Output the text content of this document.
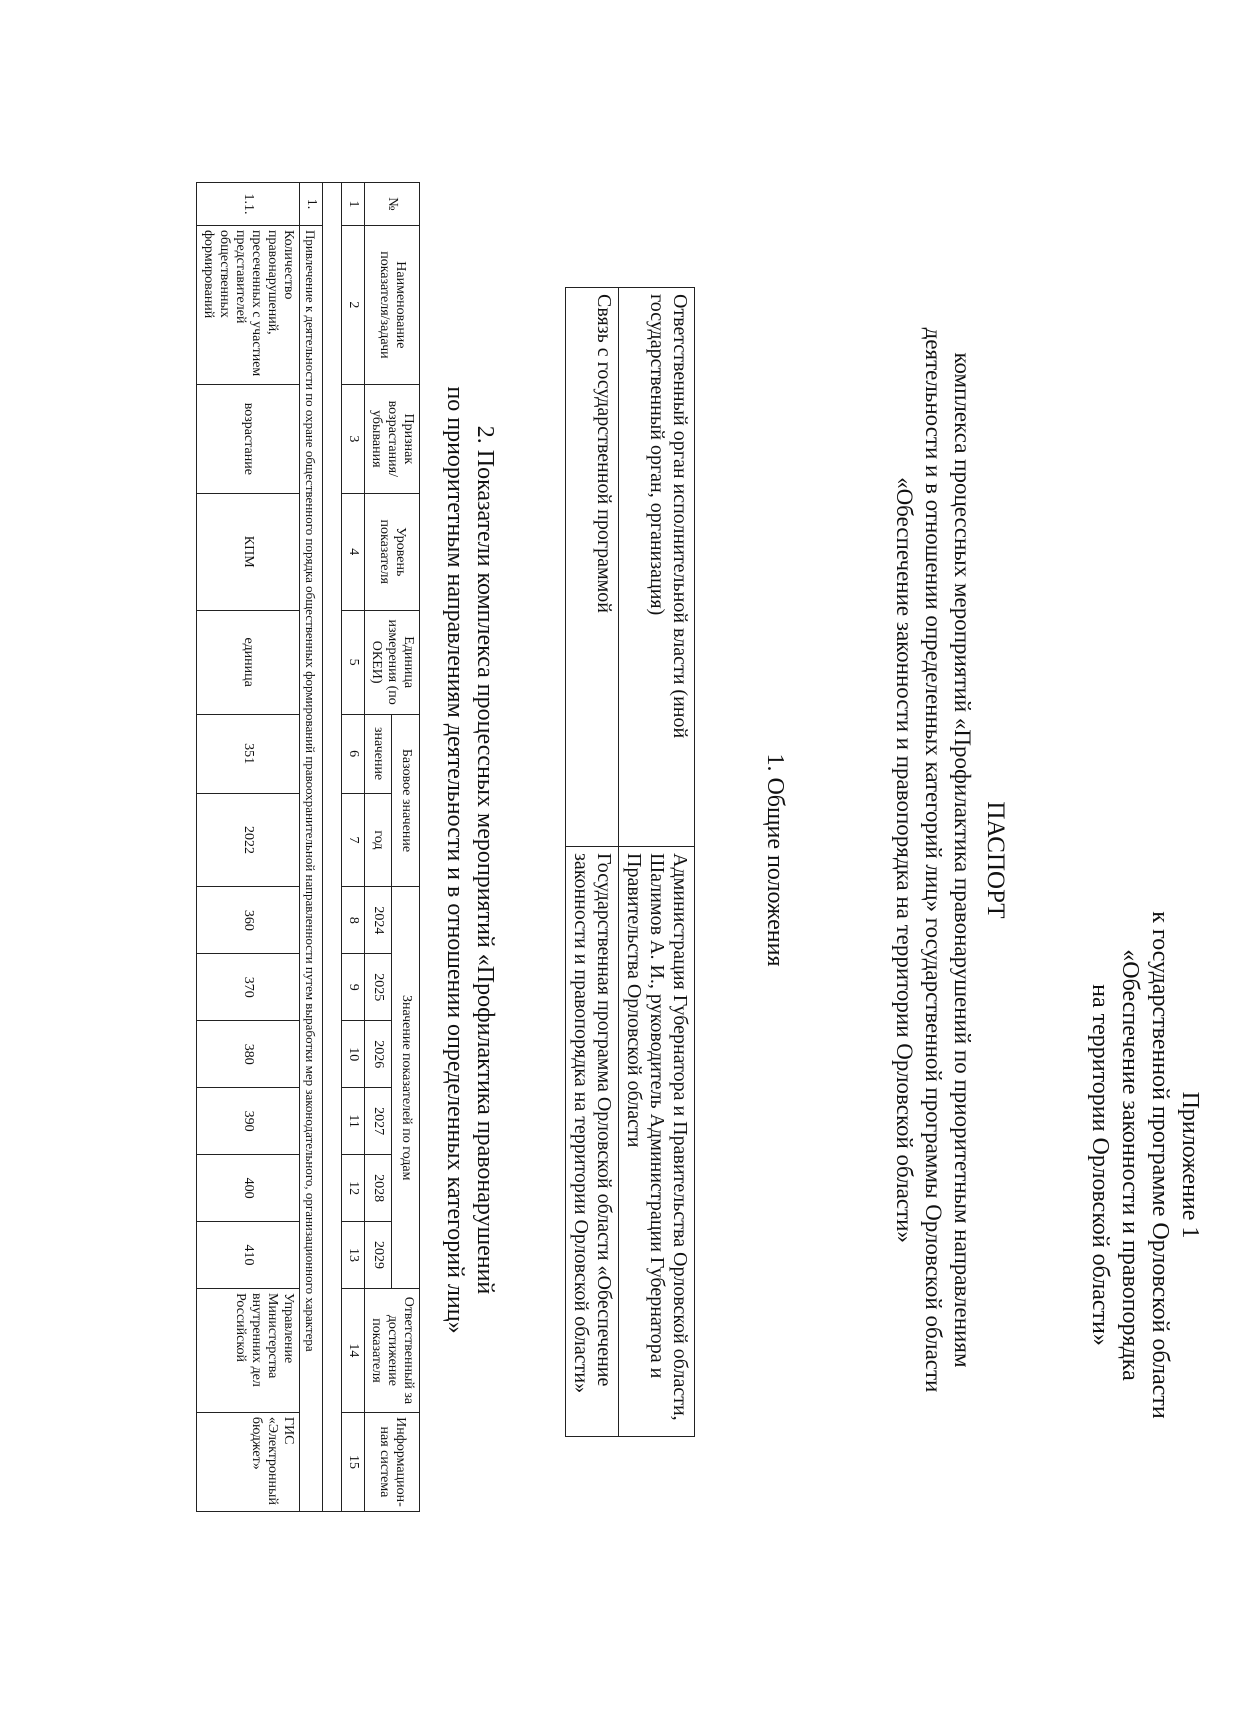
Приложение 1
к государственной программе Орловской области
«Обеспечение законности и правопорядка
на территории Орловской области»
ПАСПОРТ
комплекса процессных мероприятий «Профилактика правонарушений по приоритетным направлениям
деятельности и в отношении определенных категорий лиц» государственной программы Орловской области
«Обеспечение законности и правопорядка на территории Орловской области»
1. Общие положения
Ответственный орган исполнительной власти (иной государственный орган, организация)	Администрация Губернатора и Правительства Орловской области, Шалимов А. И., руководитель Администрации Губернатора и Правительства Орловской области
Связь с государственной программой	Государственная программа Орловской области «Обеспечение законности и правопорядка на территории Орловской области»
2. Показатели комплекса процессных мероприятий «Профилактика правонарушений
по приоритетным направлениям деятельности и в отношении определенных категорий лиц»
№	Наименование показателя/задачи	Признак возрастания/ убывания	Уровень показателя	Единица измерения (по ОКЕИ)	Базовое значение		Значение показателей по годам						Ответственный за достижение показателя	Информацион-ная система
					значение	год	2024	2025	2026	2027	2028	2029		
1	2	3	4	5	6	7	8	9	10	11	12	13	14	15

1.	Привлечение к деятельности по охране общественного порядка общественных формирований правоохранительной направленности путем выработки мер законодательного, организационного характера													
1.1.	Количество правонарушений, пресеченных с участием представителей общественных формирований	возрастание	КПМ	единица	351	2022	360	370	380	390	400	410	Управление Министерства внутренних дел Российской	ГИС «Электронный бюджет»
